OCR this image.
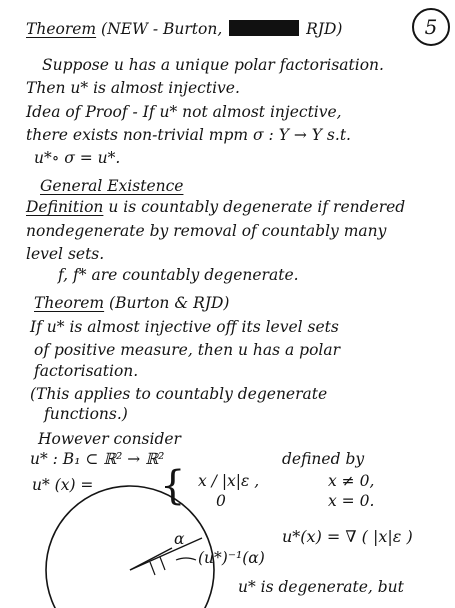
5
Theorem (NEW - Burton,	RJD)
Suppose u has a unique polar factorisation.
Then u* is almost injective.
Idea of Proof - If u* not almost injective,
there exists non-trivial mpm σ : Y → Y s.t.
u*∘ σ = u*.
General Existence
Definition u is countably degenerate if rendered
nondegenerate by removal of countably many
level sets.
f, f* are countably degenerate.
Theorem (Burton & RJD)
If u* is almost injective off its level sets
of positive measure, then u has a polar
factorisation.
(This applies to countably degenerate
functions.)
However consider
u* : B₁ ⊂ ℝ² → ℝ²	defined by
u* (x) = { x / |x|ε ,	x ≠ 0,
0	x = 0.
u*(x) = ∇ ( |x|ε )
α
(u*)⁻¹(α)
u* is degenerate, but
